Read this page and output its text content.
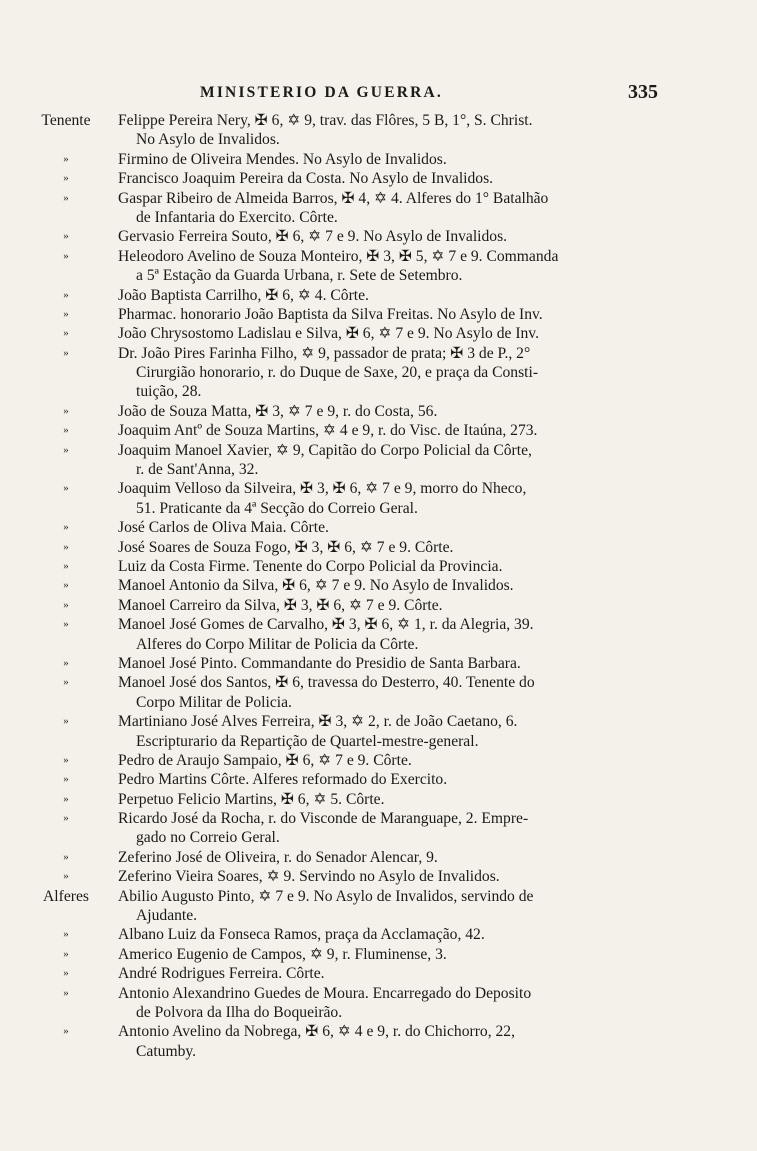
MINISTERIO DA GUERRA.	335
Tenente	Felippe Pereira Nery, ✠ 6, ✡ 9, trav. das Flôres, 5 B, 1°, S. Christ.
No Asylo de Invalidos.
»	Firmino de Oliveira Mendes. No Asylo de Invalidos.
»	Francisco Joaquim Pereira da Costa. No Asylo de Invalidos.
»	Gaspar Ribeiro de Almeida Barros, ✠ 4, ✡ 4. Alferes do 1° Batalhão
de Infantaria do Exercito. Côrte.
»	Gervasio Ferreira Souto, ✠ 6, ✡ 7 e 9. No Asylo de Invalidos.
»	Heleodoro Avelino de Souza Monteiro, ✠ 3, ✠ 5, ✡ 7 e 9. Commanda
a 5ª Estação da Guarda Urbana, r. Sete de Setembro.
»	João Baptista Carrilho, ✠ 6, ✡ 4. Côrte.
»	Pharmac. honorario João Baptista da Silva Freitas. No Asylo de Inv.
»	João Chrysostomo Ladislau e Silva, ✠ 6, ✡ 7 e 9. No Asylo de Inv.
»	Dr. João Pires Farinha Filho, ✡ 9, passador de prata; ✠ 3 de P., 2°
Cirurgião honorario, r. do Duque de Saxe, 20, e praça da Consti-
tuição, 28.
»	João de Souza Matta, ✠ 3, ✡ 7 e 9, r. do Costa, 56.
»	Joaquim Antº de Souza Martins, ✡ 4 e 9, r. do Visc. de Itaúna, 273.
»	Joaquim Manoel Xavier, ✡ 9, Capitão do Corpo Policial da Côrte,
r. de Sant'Anna, 32.
»	Joaquim Velloso da Silveira, ✠ 3, ✠ 6, ✡ 7 e 9, morro do Nheco,
51. Praticante da 4ª Secção do Correio Geral.
»	José Carlos de Oliva Maia. Côrte.
»	José Soares de Souza Fogo, ✠ 3, ✠ 6, ✡ 7 e 9. Côrte.
»	Luiz da Costa Firme. Tenente do Corpo Policial da Provincia.
»	Manoel Antonio da Silva, ✠ 6, ✡ 7 e 9. No Asylo de Invalidos.
»	Manoel Carreiro da Silva, ✠ 3, ✠ 6, ✡ 7 e 9. Côrte.
»	Manoel José Gomes de Carvalho, ✠ 3, ✠ 6, ✡ 1, r. da Alegria, 39.
Alferes do Corpo Militar de Policia da Côrte.
»	Manoel José Pinto. Commandante do Presidio de Santa Barbara.
»	Manoel José dos Santos, ✠ 6, travessa do Desterro, 40. Tenente do
Corpo Militar de Policia.
»	Martiniano José Alves Ferreira, ✠ 3, ✡ 2, r. de João Caetano, 6.
Escripturario da Repartição de Quartel-mestre-general.
»	Pedro de Araujo Sampaio, ✠ 6, ✡ 7 e 9. Côrte.
»	Pedro Martins Côrte. Alferes reformado do Exercito.
»	Perpetuo Felicio Martins, ✠ 6, ✡ 5. Côrte.
»	Ricardo José da Rocha, r. do Visconde de Maranguape, 2. Empre-
gado no Correio Geral.
»	Zeferino José de Oliveira, r. do Senador Alencar, 9.
»	Zeferino Vieira Soares, ✡ 9. Servindo no Asylo de Invalidos.
Alferes	Abilio Augusto Pinto, ✡ 7 e 9. No Asylo de Invalidos, servindo de
Ajudante.
»	Albano Luiz da Fonseca Ramos, praça da Acclamação, 42.
»	Americo Eugenio de Campos, ✡ 9, r. Fluminense, 3.
»	André Rodrigues Ferreira. Côrte.
»	Antonio Alexandrino Guedes de Moura. Encarregado do Deposito
de Polvora da Ilha do Boqueirão.
»	Antonio Avelino da Nobrega, ✠ 6, ✡ 4 e 9, r. do Chichorro, 22,
Catumby.
